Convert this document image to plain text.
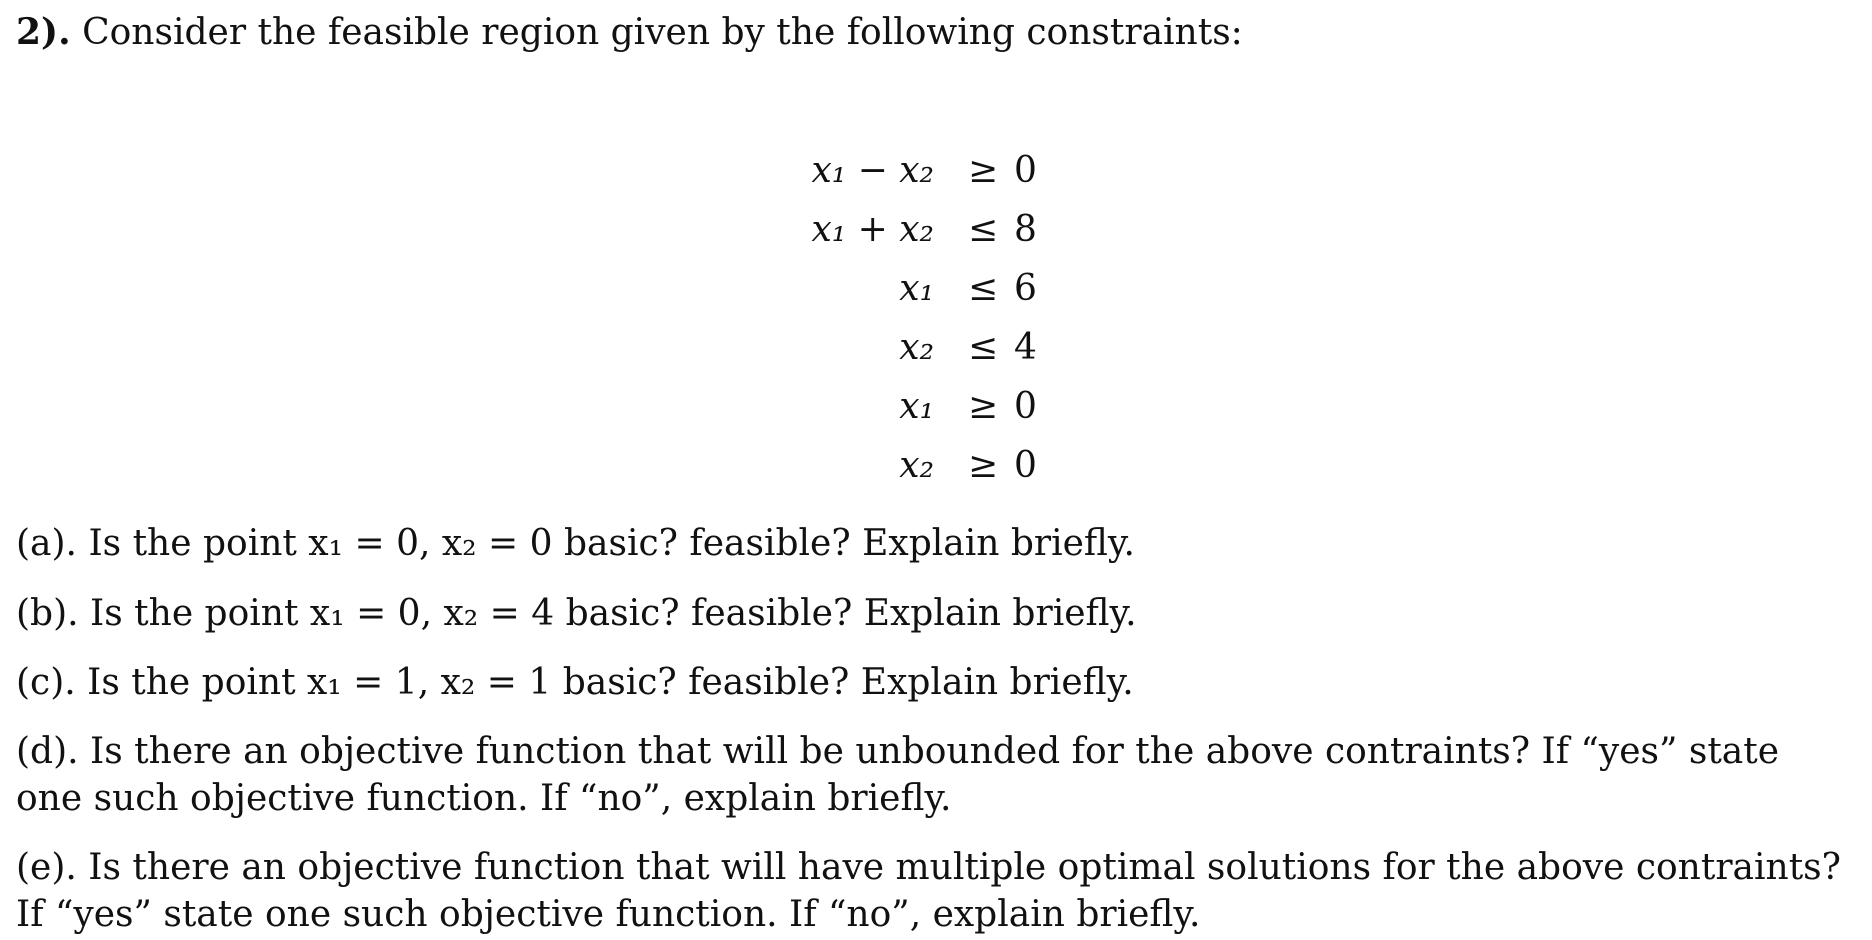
2). Consider the feasible region given by the following constraints:
x₁ − x₂ ≥ 0
x₁ + x₂ ≤ 8
x₁ ≤ 6
x₂ ≤ 4
x₁ ≥ 0
x₂ ≥ 0
(a). Is the point x₁ = 0, x₂ = 0 basic? feasible? Explain briefly.
(b). Is the point x₁ = 0, x₂ = 4 basic? feasible? Explain briefly.
(c). Is the point x₁ = 1, x₂ = 1 basic? feasible? Explain briefly.
(d). Is there an objective function that will be unbounded for the above contraints? If “yes” state one such objective function. If “no”, explain briefly.
(e). Is there an objective function that will have multiple optimal solutions for the above contraints? If “yes” state one such objective function. If “no”, explain briefly.
